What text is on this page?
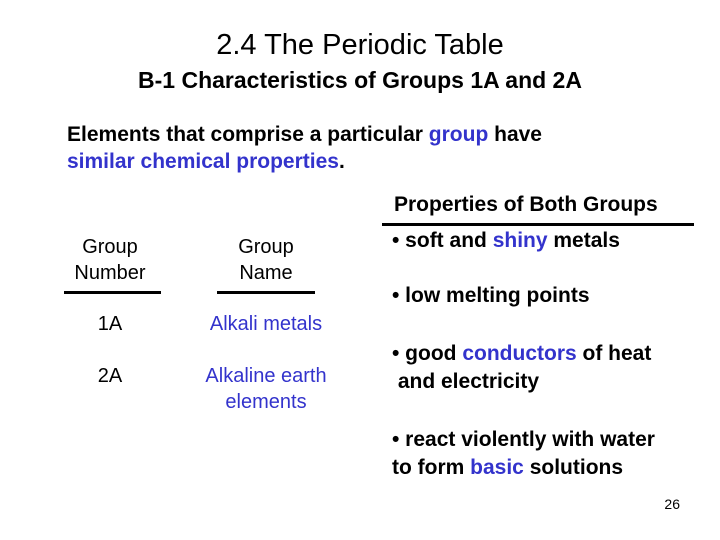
2.4 The Periodic Table
B-1 Characteristics of Groups 1A and 2A
Elements that comprise a particular group have
similar chemical properties.
Group
Number
Group
Name
1A	Alkali metals
2A	Alkaline earth
elements
Properties of Both Groups
• soft and shiny metals
• low melting points
• good conductors of heat
and electricity
• react violently with water
to form basic solutions
26
